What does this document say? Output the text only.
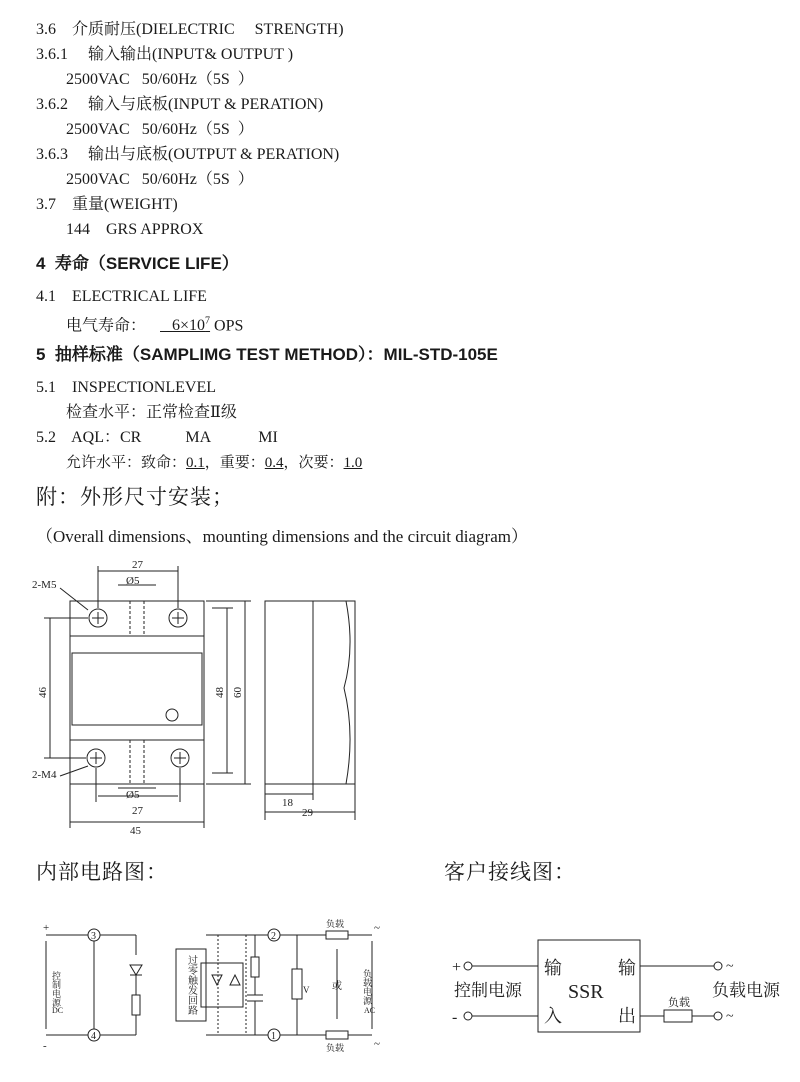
3.6    介质耐压(DIELECTRIC     STRENGTH)
3.6.1     输入输出(INPUT& OUTPUT )
2500VAC   50/60Hz（5S  ）
3.6.2     输入与底板(INPUT & PERATION)
2500VAC   50/60Hz（5S  ）
3.6.3     输出与底板(OUTPUT & PERATION)
2500VAC   50/60Hz（5S  ）
3.7    重量(WEIGHT)
144    GRS APPROX
4  寿命（SERVICE LIFE）
4.1    ELECTRICAL LIFE
电气寿命： $6\times 10^7$ OPS
5  抽样标准（SAMPLIMG TEST METHOD）：MIL-STD-105E
5.1    INSPECTIONLEVEL
检查水平：正常检查Ⅱ级
5.2    AQL：CR           MA            MI
允许水平：致命：0.1，重要：0.4，次要：1.0
附：外形尺寸安装；
（Overall dimensions、mounting dimensions and the circuit diagram）
27
Ø5
2-M5
2-M4
Ø5
27
45
18
29
46	48 60
内部电路图：	客户接线图：
+
-
3
4
2
1
控制电源
DC	过零触发回路
负载
负载
或
V	负载电源
AC
~
~
+
-
控制电源
输
入
输
出
SSR	负载
负载电源
~
~
